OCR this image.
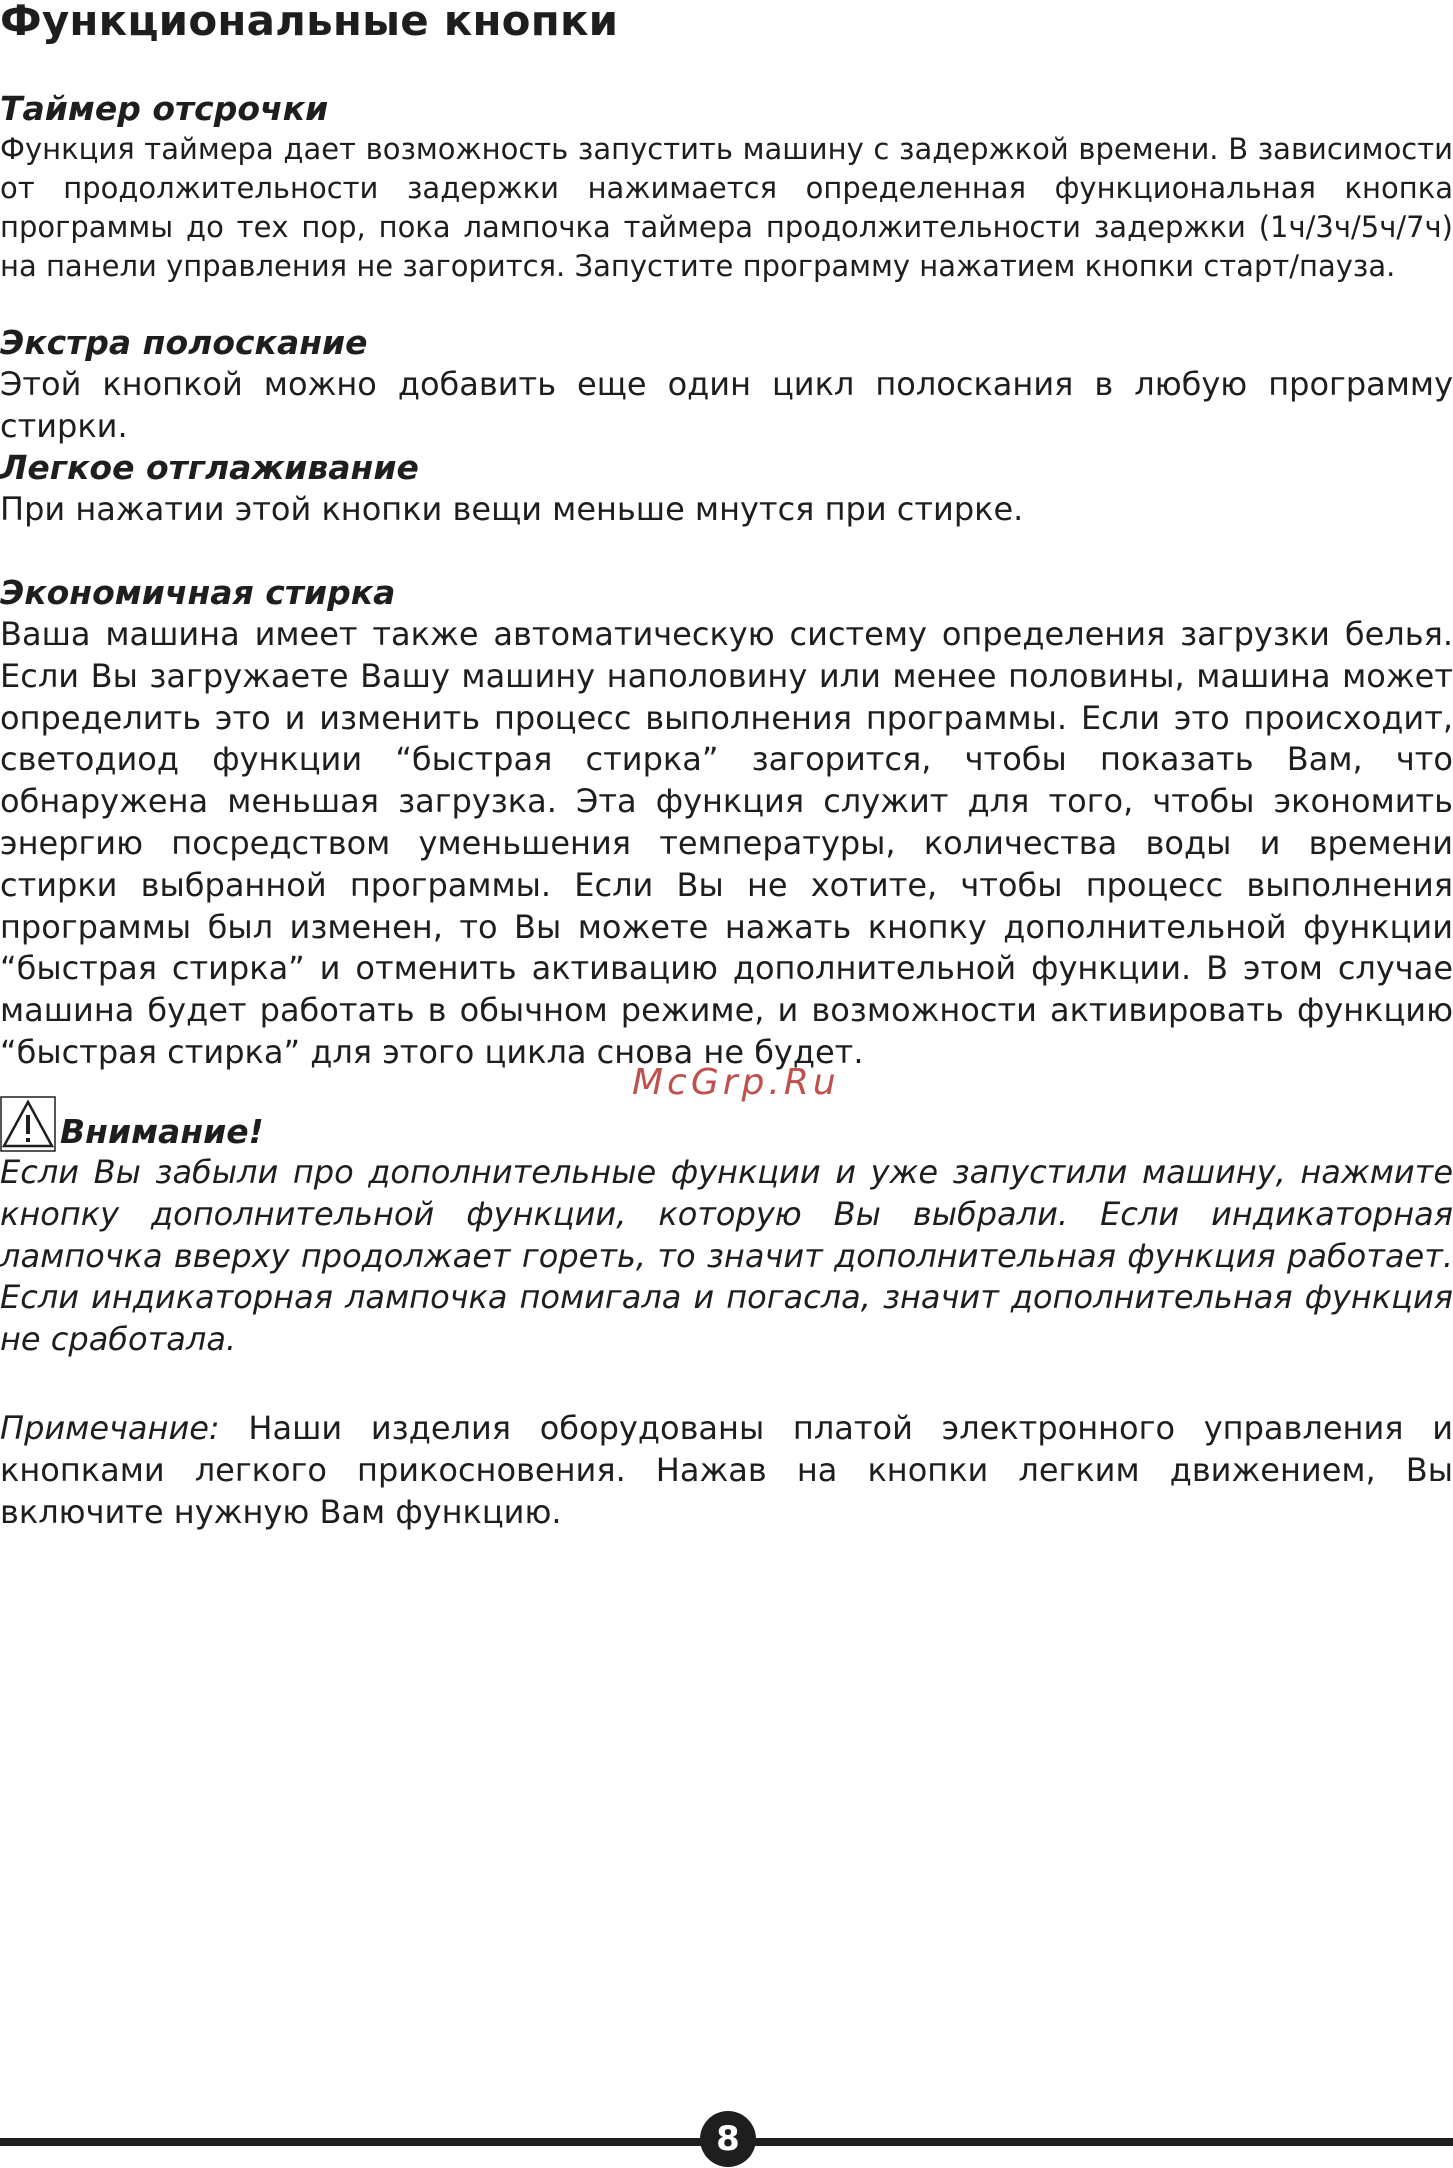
Функциональные кнопки
Таймер отсрочки

Функция таймера дает возможность запустить машину с задержкой времени. В зависимости от продолжительности задержки нажимается определенная функциональная кнопка программы до тех пор, пока лампочка таймера продолжительности задержки (1ч/3ч/5ч/7ч) на панели управления не загорится. Запустите программу нажатием кнопки старт/пауза.

Экстра полоскание

Этой кнопкой можно добавить еще один цикл полоскания в любую программу стирки.

Легкое отглаживание

При нажатии этой кнопки вещи меньше мнутся при стирке.

Экономичная стирка

Ваша машина имеет также автоматическую систему определения загрузки белья. Если Вы загружаете Вашу машину наполовину или менее половины, машина может определить это и изменить процесс выполнения программы. Если это происходит, светодиод функции “быстрая стирка” загорится, чтобы показать Вам, что обнаружена меньшая загрузка. Эта функция служит для того, чтобы экономить энергию посредством уменьшения температуры, количества воды и времени стирки выбранной программы. Если Вы не хотите, чтобы процесс выполнения программы был изменен, то Вы можете нажать кнопку дополнительной функции “быстрая стирка” и отменить активацию дополнительной функции. В этом случае машина будет работать в обычном режиме, и возможности активировать функцию “быстрая стирка” для этого цикла снова не будет.

McGrp.Ru
Внимание!

Если Вы забыли про дополнительные функции и уже запустили машину, нажмите кнопку дополнительной функции, которую Вы выбрали. Если индикаторная лампочка вверху продолжает гореть, то значит дополнительная функция работает. Если индикаторная лампочка помигала и погасла, значит дополнительная функция не сработала.

Примечание: Наши изделия оборудованы платой электронного управления и кнопками легкого прикосновения. Нажав на кнопки легким движением, Вы включите нужную Вам функцию.

8
